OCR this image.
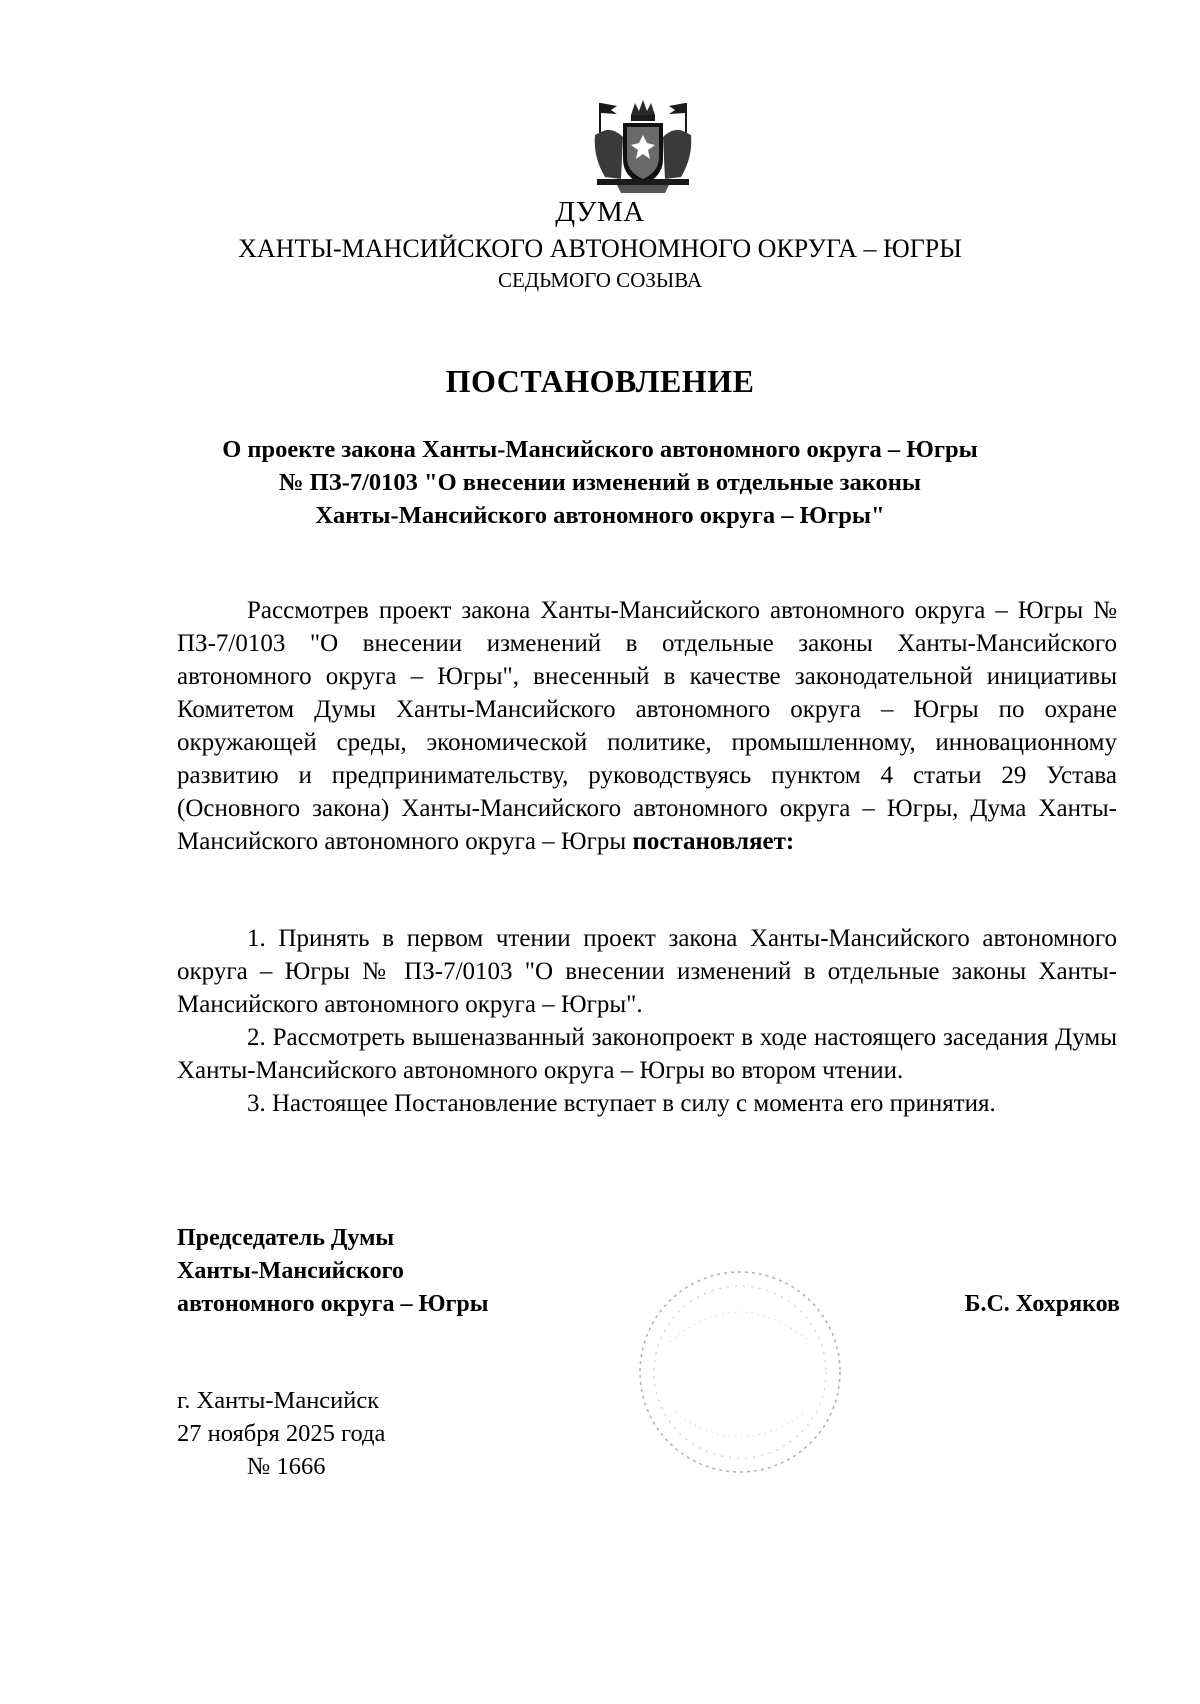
ДУМА
ХАНТЫ-МАНСИЙСКОГО АВТОНОМНОГО ОКРУГА – ЮГРЫ
СЕДЬМОГО СОЗЫВА
ПОСТАНОВЛЕНИЕ
О проекте закона Ханты-Мансийского автономного округа – Югры
№ ПЗ-7/0103 "О внесении изменений в отдельные законы
Ханты-Мансийского автономного округа – Югры"

Рассмотрев проект закона Ханты-Мансийского автономного округа – Югры № ПЗ-7/0103 "О внесении изменений в отдельные законы Ханты-Мансийского автономного округа – Югры", внесенный в качестве законодательной инициативы Комитетом Думы Ханты-Мансийского автономного округа – Югры по охране окружающей среды, экономической политике, промышленному, инновационному развитию и предпринимательству, руководствуясь пунктом 4 статьи 29 Устава (Основного закона) Ханты-Мансийского автономного округа – Югры, Дума Ханты-Мансийского автономного округа – Югры постановляет:

1. Принять в первом чтении проект закона Ханты-Мансийского автономного округа – Югры № ПЗ-7/0103 "О внесении изменений в отдельные законы Ханты-Мансийского автономного округа – Югры".

2. Рассмотреть вышеназванный законопроект в ходе настоящего заседания Думы Ханты-Мансийского автономного округа – Югры во втором чтении.

3. Настоящее Постановление вступает в силу с момента его принятия.

Председатель Думы
Ханты-Мансийского
автономного округа – Югры	Б.С. Хохряков
г. Ханты-Мансийск
27 ноября 2025 года
№ 1666
